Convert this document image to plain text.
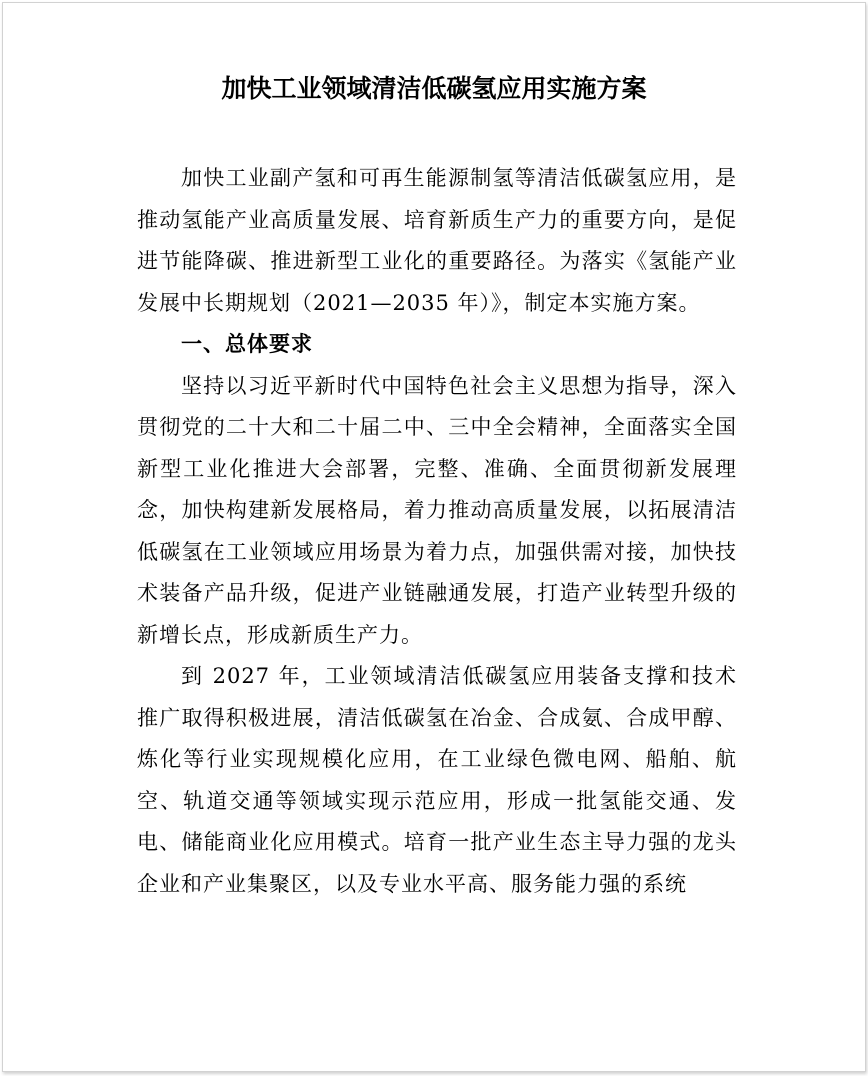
加快工业领域清洁低碳氢应用实施方案

加快工业副产氢和可再生能源制氢等清洁低碳氢应用，是推动氢能产业高质量发展、培育新质生产力的重要方向，是促进节能降碳、推进新型工业化的重要路径。为落实《氢能产业发展中长期规划（2021—2035 年）》，制定本实施方案。

一、总体要求

坚持以习近平新时代中国特色社会主义思想为指导，深入贯彻党的二十大和二十届二中、三中全会精神，全面落实全国新型工业化推进大会部署，完整、准确、全面贯彻新发展理念，加快构建新发展格局，着力推动高质量发展，以拓展清洁低碳氢在工业领域应用场景为着力点，加强供需对接，加快技术装备产品升级，促进产业链融通发展，打造产业转型升级的新增长点，形成新质生产力。

到 2027 年，工业领域清洁低碳氢应用装备支撑和技术推广取得积极进展，清洁低碳氢在冶金、合成氨、合成甲醇、炼化等行业实现规模化应用，在工业绿色微电网、船舶、航空、轨道交通等领域实现示范应用，形成一批氢能交通、发电、储能商业化应用模式。培育一批产业生态主导力强的龙头企业和产业集聚区，以及专业水平高、服务能力强的系统
